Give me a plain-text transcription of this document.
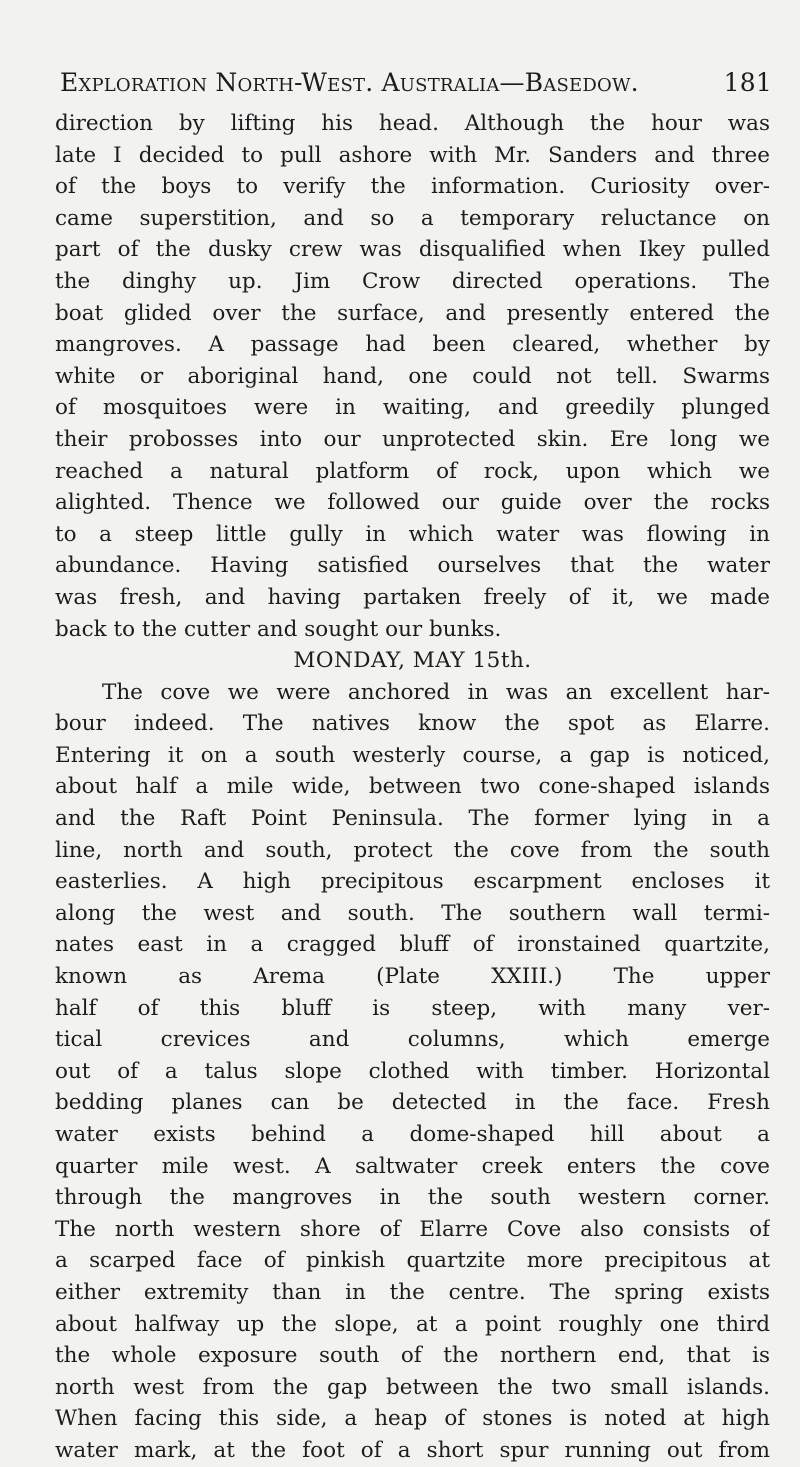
Exploration North-West. Australia—Basedow.	181
direction by lifting his head. Although the hour was
late I decided to pull ashore with Mr. Sanders and three
of the boys to verify the information. Curiosity over-
came superstition, and so a temporary reluctance on
part of the dusky crew was disqualified when Ikey pulled
the dinghy up. Jim Crow directed operations. The
boat glided over the surface, and presently entered the
mangroves. A passage had been cleared, whether by
white or aboriginal hand, one could not tell. Swarms
of mosquitoes were in waiting, and greedily plunged
their probosses into our unprotected skin. Ere long we
reached a natural platform of rock, upon which we
alighted. Thence we followed our guide over the rocks
to a steep little gully in which water was flowing in
abundance. Having satisfied ourselves that the water
was fresh, and having partaken freely of it, we made
back to the cutter and sought our bunks.
MONDAY, MAY 15th.
The cove we were anchored in was an excellent har-
bour indeed. The natives know the spot as Elarre.
Entering it on a south westerly course, a gap is noticed,
about half a mile wide, between two cone-shaped islands
and the Raft Point Peninsula. The former lying in a
line, north and south, protect the cove from the south
easterlies. A high precipitous escarpment encloses it
along the west and south. The southern wall termi-
nates east in a cragged bluff of ironstained quartzite,
known as Arema (Plate XXIII.) The upper
half of this bluff is steep, with many ver-
tical crevices and columns, which emerge
out of a talus slope clothed with timber. Horizontal
bedding planes can be detected in the face. Fresh
water exists behind a dome-shaped hill about a
quarter mile west. A saltwater creek enters the cove
through the mangroves in the south western corner.
The north western shore of Elarre Cove also consists of
a scarped face of pinkish quartzite more precipitous at
either extremity than in the centre. The spring exists
about halfway up the slope, at a point roughly one third
the whole exposure south of the northern end, that is
north west from the gap between the two small islands.
When facing this side, a heap of stones is noted at high
water mark, at the foot of a short spur running out from
